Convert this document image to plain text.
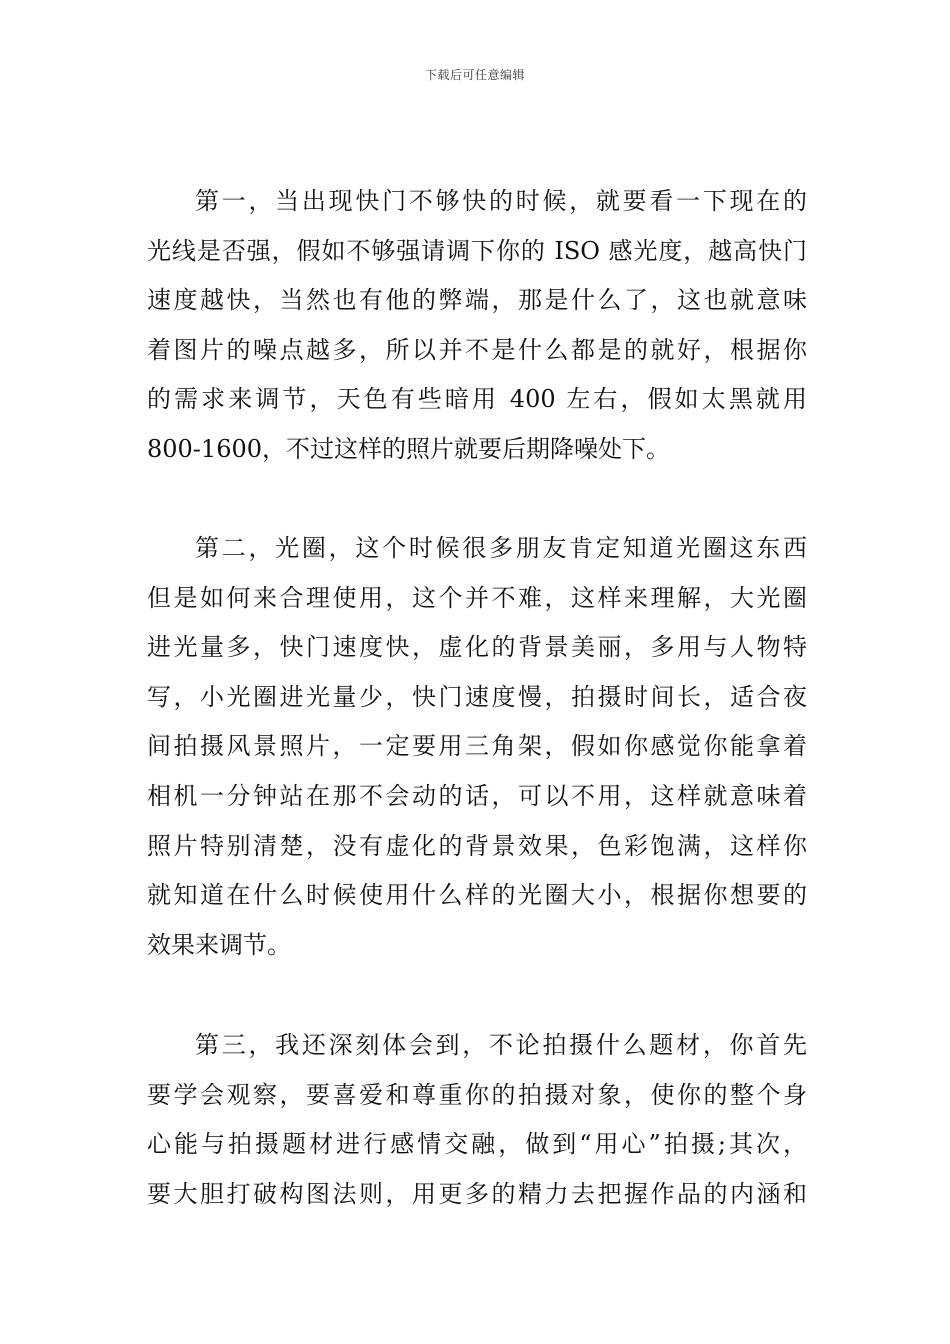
下载后可任意编辑
第一，当出现快门不够快的时候，就要看一下现在的
光线是否强，假如不够强请调下你的 ISO 感光度，越高快门
速度越快，当然也有他的弊端，那是什么了，这也就意味
着图片的噪点越多，所以并不是什么都是的就好，根据你
的需求来调节，天色有些暗用 400 左右，假如太黑就用
800-1600，不过这样的照片就要后期降噪处下。
第二，光圈，这个时候很多朋友肯定知道光圈这东西
但是如何来合理使用，这个并不难，这样来理解，大光圈
进光量多，快门速度快，虚化的背景美丽，多用与人物特
写，小光圈进光量少，快门速度慢，拍摄时间长，适合夜
间拍摄风景照片，一定要用三角架，假如你感觉你能拿着
相机一分钟站在那不会动的话，可以不用，这样就意味着
照片特别清楚，没有虚化的背景效果，色彩饱满，这样你
就知道在什么时候使用什么样的光圈大小，根据你想要的
效果来调节。
第三，我还深刻体会到，不论拍摄什么题材，你首先
要学会观察，要喜爱和尊重你的拍摄对象，使你的整个身
心能与拍摄题材进行感情交融，做到“用心”拍摄;其次，
要大胆打破构图法则，用更多的精力去把握作品的内涵和
